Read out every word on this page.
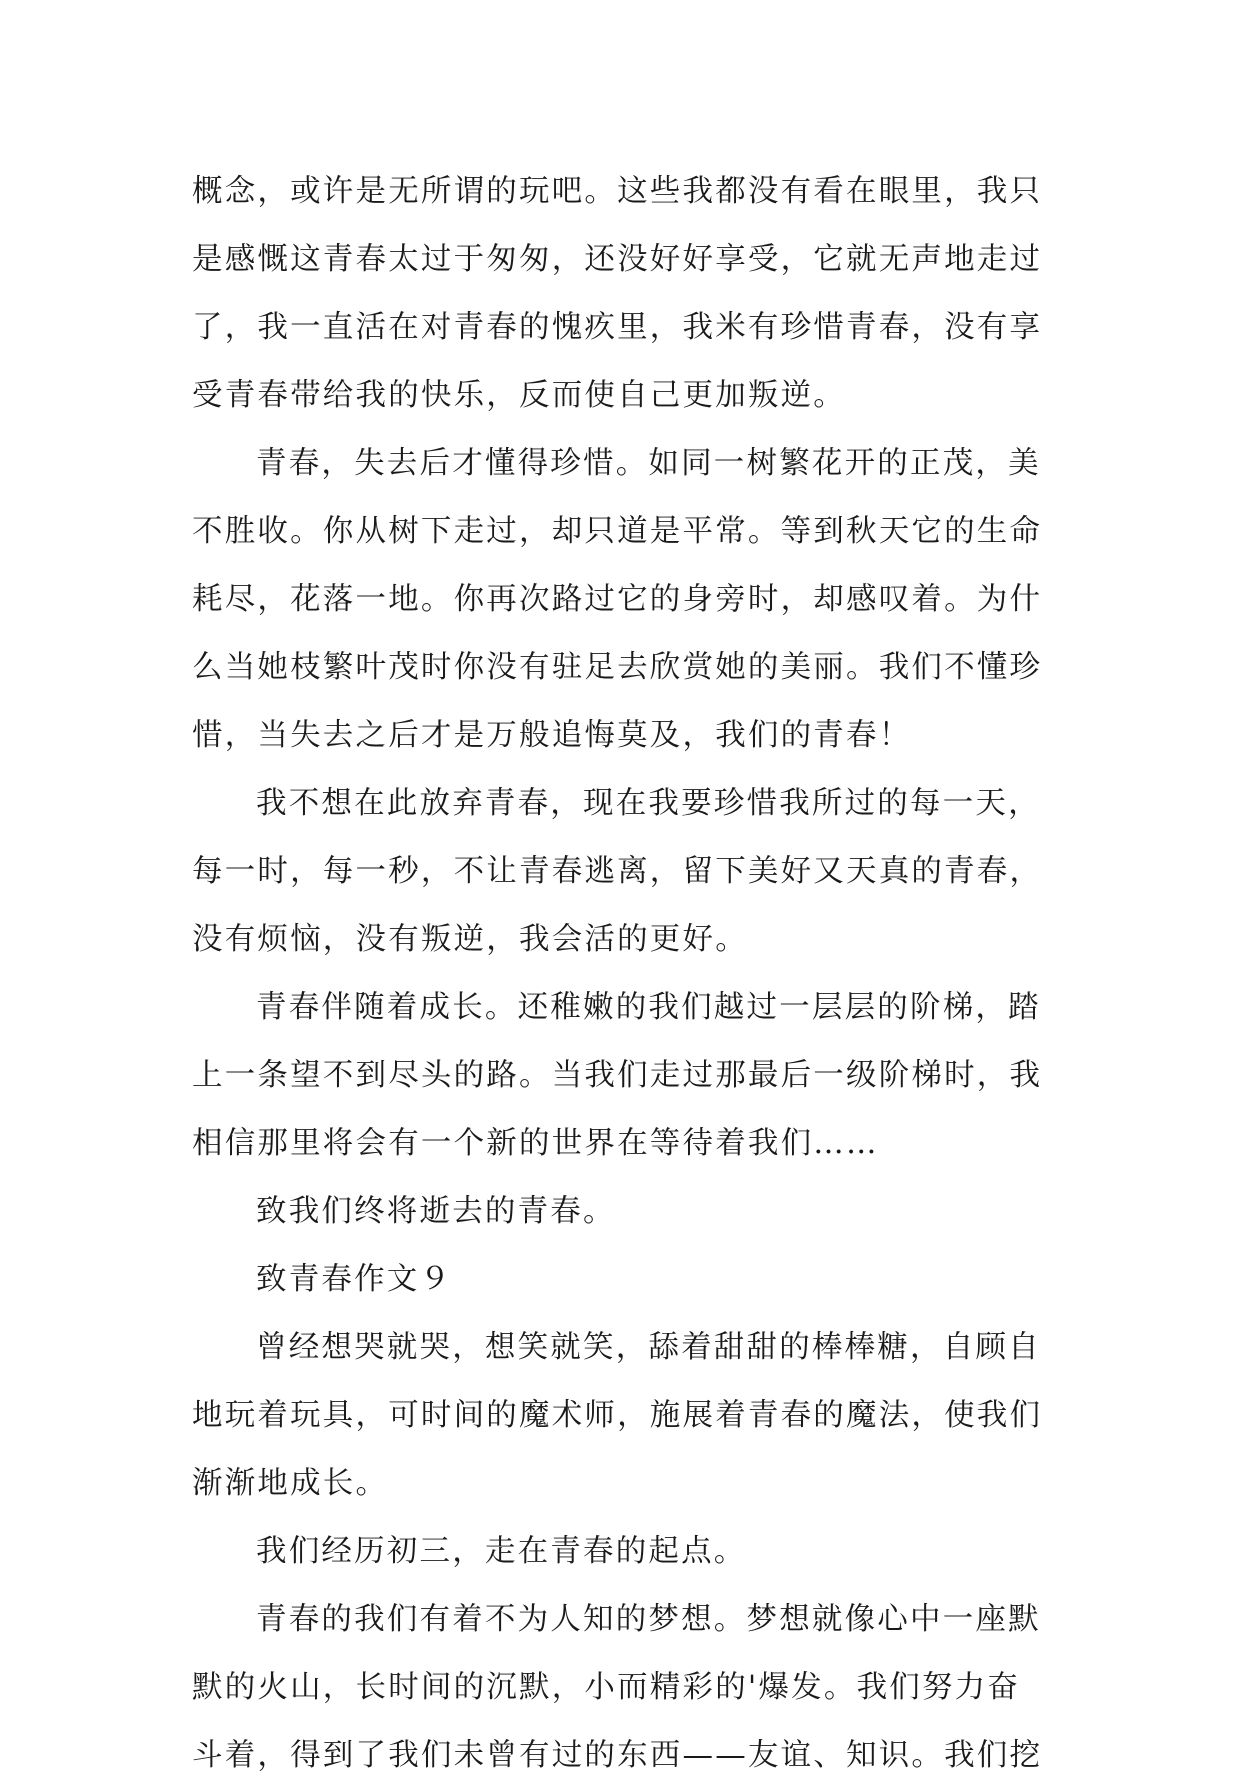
概念，或许是无所谓的玩吧。这些我都没有看在眼里，我只
是感慨这青春太过于匆匆，还没好好享受，它就无声地走过
了，我一直活在对青春的愧疚里，我米有珍惜青春，没有享
受青春带给我的快乐，反而使自己更加叛逆。
青春，失去后才懂得珍惜。如同一树繁花开的正茂，美
不胜收。你从树下走过，却只道是平常。等到秋天它的生命
耗尽，花落一地。你再次路过它的身旁时，却感叹着。为什
么当她枝繁叶茂时你没有驻足去欣赏她的美丽。我们不懂珍
惜，当失去之后才是万般追悔莫及，我们的青春！
我不想在此放弃青春，现在我要珍惜我所过的每一天，
每一时，每一秒，不让青春逃离，留下美好又天真的青春，
没有烦恼，没有叛逆，我会活的更好。
青春伴随着成长。还稚嫩的我们越过一层层的阶梯，踏
上一条望不到尽头的路。当我们走过那最后一级阶梯时，我
相信那里将会有一个新的世界在等待着我们……
致我们终将逝去的青春。
致青春作文９
曾经想哭就哭，想笑就笑，舔着甜甜的棒棒糖，自顾自
地玩着玩具，可时间的魔术师，施展着青春的魔法，使我们
渐渐地成长。
我们经历初三，走在青春的起点。
青春的我们有着不为人知的梦想。梦想就像心中一座默
默的火山，长时间的沉默，小而精彩的'爆发。我们努力奋
斗着，得到了我们未曾有过的东西——友谊、知识。我们挖
